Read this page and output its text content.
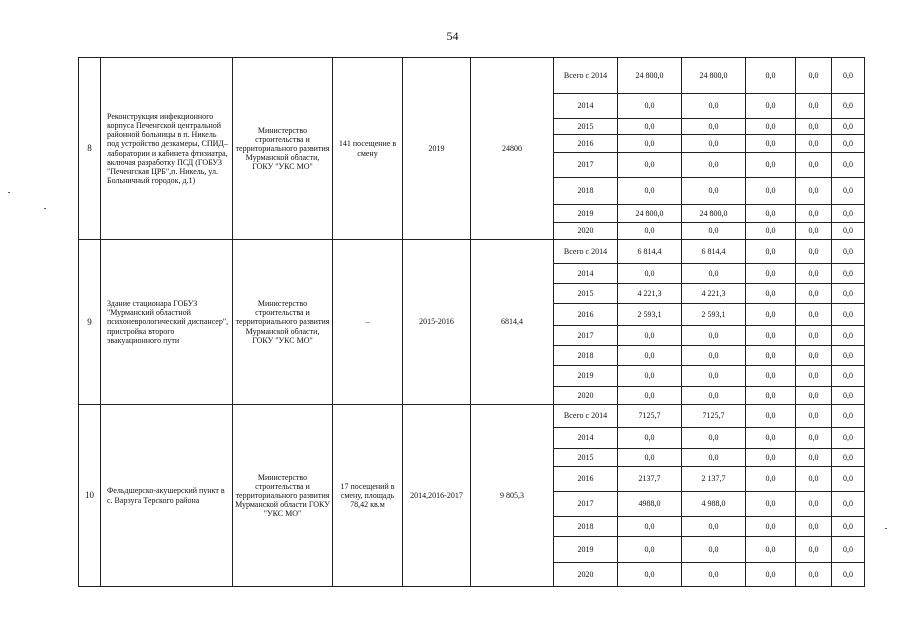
54
8	Реконструкция инфекционного корпуса Печенгской центральной районной больницы в п. Никель под устройство дезкамеры, СПИД–лаборатории и кабинета фтизиатра, включая разработку ПСД (ГОБУЗ "Печенгская ЦРБ",п. Никель, ул. Больничный городок, д.1)	Министерство строительства и территориального развития Мурманской области, ГОКУ "УКС МО"	141 посещение в смену	2019	24800	Всего с 2014	24 800,0	24 800,0	0,0	0,0	0,0
						2014	0,0	0,0	0,0	0,0	0,0
						2015	0,0	0,0	0,0	0,0	0,0
						2016	0,0	0,0	0,0	0,0	0,0
						2017	0,0	0,0	0,0	0,0	0,0
						2018	0,0	0,0	0,0	0,0	0,0
						2019	24 800,0	24 800,0	0,0	0,0	0,0
						2020	0,0	0,0	0,0	0,0	0,0
9	Здание стационара ГОБУЗ "Мурманский областной психоневрологический диспансер", пристройка второго эвакуационного пути	Министерство строительства и территориального развития Мурманской области, ГОКУ "УКС МО"	–	2015-2016	6814,4	Всего с 2014	6 814,4	6 814,4	0,0	0,0	0,0
						2014	0,0	0,0	0,0	0,0	0,0
						2015	4 221,3	4 221,3	0,0	0,0	0,0
						2016	2 593,1	2 593,1	0,0	0,0	0,0
						2017	0,0	0,0	0,0	0,0	0,0
						2018	0,0	0,0	0,0	0,0	0,0
						2019	0,0	0,0	0,0	0,0	0,0
						2020	0,0	0,0	0,0	0,0	0,0
10	Фельдшерско-акушерский пункт в с. Варзуга Терского района	Министерство строительства и территориального развития Мурманской области ГОКУ "УКС МО"	17 посещений в смену, площадь 78,42 кв.м	2014,2016-2017	9 805,3	Всего с 2014	7125,7	7125,7	0,0	0,0	0,0
						2014	0,0	0,0	0,0	0,0	0,0
						2015	0,0	0,0	0,0	0,0	0,0
						2016	2137,7	2 137,7	0,0	0,0	0,0
						2017	4988,0	4 988,0	0,0	0,0	0,0
						2018	0,0	0,0	0,0	0,0	0,0
						2019	0,0	0,0	0,0	0,0	0,0
						2020	0,0	0,0	0,0	0,0	0,0
